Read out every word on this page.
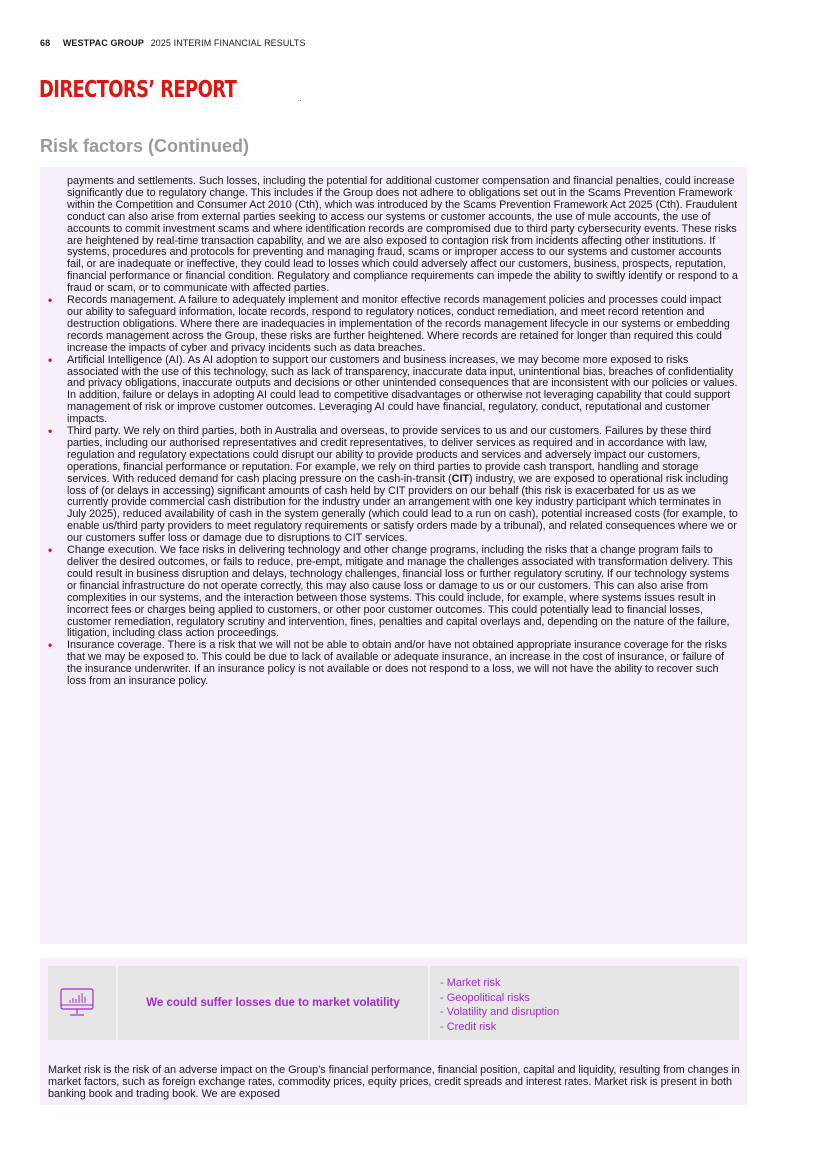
68 WESTPAC GROUP 2025 INTERIM FINANCIAL RESULTS
DIRECTORS’ REPORT
Risk factors (Continued)

payments and settlements. Such losses, including the potential for additional customer compensation and financial penalties, could increase significantly due to regulatory change. This includes if the Group does not adhere to obligations set out in the Scams Prevention Framework within the Competition and Consumer Act 2010 (Cth), which was introduced by the Scams Prevention Framework Act 2025 (Cth). Fraudulent conduct can also arise from external parties seeking to access our systems or customer accounts, the use of mule accounts, the use of accounts to commit investment scams and where identification records are compromised due to third party cybersecurity events. These risks are heightened by real-time transaction capability, and we are also exposed to contagion risk from incidents affecting other institutions. If systems, procedures and protocols for preventing and managing fraud, scams or improper access to our systems and customer accounts fail, or are inadequate or ineffective, they could lead to losses which could adversely affect our customers, business, prospects, reputation, financial performance or financial condition. Regulatory and compliance requirements can impede the ability to swiftly identify or respond to a fraud or scam, or to communicate with affected parties.

• Records management. A failure to adequately implement and monitor effective records management policies and processes could impact our ability to safeguard information, locate records, respond to regulatory notices, conduct remediation, and meet record retention and destruction obligations. Where there are inadequacies in implementation of the records management lifecycle in our systems or embedding records management across the Group, these risks are further heightened. Where records are retained for longer than required this could increase the impacts of cyber and privacy incidents such as data breaches.
• Artificial Intelligence (AI). As AI adoption to support our customers and business increases, we may become more exposed to risks associated with the use of this technology, such as lack of transparency, inaccurate data input, unintentional bias, breaches of confidentiality and privacy obligations, inaccurate outputs and decisions or other unintended consequences that are inconsistent with our policies or values. In addition, failure or delays in adopting AI could lead to competitive disadvantages or otherwise not leveraging capability that could support management of risk or improve customer outcomes. Leveraging AI could have financial, regulatory, conduct, reputational and customer impacts.
• Third party. We rely on third parties, both in Australia and overseas, to provide services to us and our customers. Failures by these third parties, including our authorised representatives and credit representatives, to deliver services as required and in accordance with law, regulation and regulatory expectations could disrupt our ability to provide products and services and adversely impact our customers, operations, financial performance or reputation. For example, we rely on third parties to provide cash transport, handling and storage services. With reduced demand for cash placing pressure on the cash-in-transit (CIT) industry, we are exposed to operational risk including loss of (or delays in accessing) significant amounts of cash held by CIT providers on our behalf (this risk is exacerbated for us as we currently provide commercial cash distribution for the industry under an arrangement with one key industry participant which terminates in July 2025), reduced availability of cash in the system generally (which could lead to a run on cash), potential increased costs (for example, to enable us/third party providers to meet regulatory requirements or satisfy orders made by a tribunal), and related consequences where we or our customers suffer loss or damage due to disruptions to CIT services.
• Change execution. We face risks in delivering technology and other change programs, including the risks that a change program fails to deliver the desired outcomes, or fails to reduce, pre-empt, mitigate and manage the challenges associated with transformation delivery. This could result in business disruption and delays, technology challenges, financial loss or further regulatory scrutiny. If our technology systems or financial infrastructure do not operate correctly, this may also cause loss or damage to us or our customers. This can also arise from complexities in our systems, and the interaction between those systems. This could include, for example, where systems issues result in incorrect fees or charges being applied to customers, or other poor customer outcomes. This could potentially lead to financial losses, customer remediation, regulatory scrutiny and intervention, fines, penalties and capital overlays and, depending on the nature of the failure, litigation, including class action proceedings.
• Insurance coverage. There is a risk that we will not be able to obtain and/or have not obtained appropriate insurance coverage for the risks that we may be exposed to. This could be due to lack of available or adequate insurance, an increase in the cost of insurance, or failure of the insurance underwriter. If an insurance policy is not available or does not respond to a loss, we will not have the ability to recover such loss from an insurance policy.
We could suffer losses due to market volatility
- Market risk
- Geopolitical risks
- Volatility and disruption
- Credit risk

Market risk is the risk of an adverse impact on the Group’s financial performance, financial position, capital and liquidity, resulting from changes in market factors, such as foreign exchange rates, commodity prices, equity prices, credit spreads and interest rates. Market risk is present in both banking book and trading book. We are exposed
